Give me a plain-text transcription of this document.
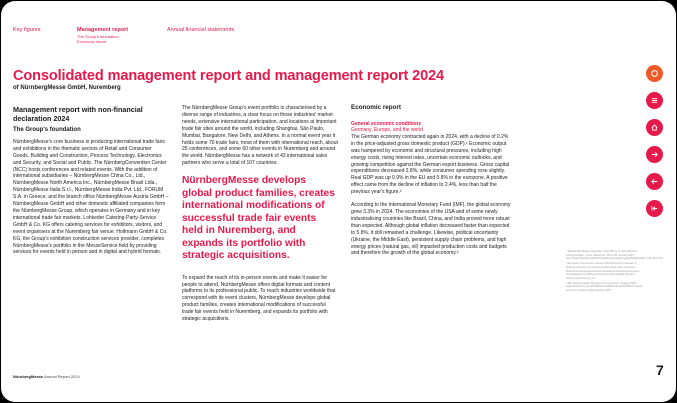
Key figures	Management report
The Group's foundation
Economic report
Annual financial statements
Consolidated management report and management report 2024
of NürnbergMesse GmbH, Nuremberg
Management report with non-financial declaration 2024
The Group's foundation

NürnbergMesse's core business is producing international trade fairs and exhibitions in the thematic sectors of Retail and Consumer Goods, Building and Construction, Process Technology, Electronics and Security, and Social and Public. The NürnbergConvention Center (NCC) hosts conferences and related events. With the addition of international subsidiaries – NürnbergMesse China Co., Ltd., NürnbergMesse North America Inc., NürnbergMesse Brasil Ltda., NürnbergMesse Italia S.r.l., NürnbergMesse India Pvt. Ltd., FORUM S.A. in Greece, and the branch office NürnbergMesse Austria GmbH – NürnbergMesse GmbH and other domestic affiliated companies form the NürnbergMesse Group, which operates in Germany and in key international trade fair markets. Lohkeder Catering-Party-Service GmbH & Co. KG offers catering services for exhibitors, visitors, and event organisers at the Nuremberg fair venue. Holtmann GmbH & Co. KG, the Group's exhibition construction services provider, completes NürnbergMesse's portfolio in the MesseService field by providing services for events held in person and in digital and hybrid formats.

The NürnbergMesse Group's event portfolio is characterised by a diverse range of industries, a clear focus on those industries' market needs, extensive international participation, and locations at important trade fair sites around the world, including Shanghai, São Paulo, Mumbai, Bangalore, New Delhi, and Athens. In a normal event year it holds some 70 trade fairs, most of them with international reach, about 25 conferences, and some 60 other events in Nuremberg and around the world. NürnbergMesse has a network of 43 international sales partners who serve a total of 107 countries.

NürnbergMesse develops global product families, creates international modifications of successful trade fair events held in Nuremberg, and expands its portfolio with strategic acquisitions.

To expand the reach of its in-person events and make it easier for people to attend, NürnbergMesse offers digital formats and content platforms to its professional public. To reach industries worldwide that correspond with its event clusters, NürnbergMesse develops global product families, creates international modifications of successful trade fair events held in Nuremberg, and expands its portfolio with strategic acquisitions.

Economic report
General economic conditions
Germany, Europe, and the world

The German economy contracted again in 2024, with a decline of 0.2% in the price-adjusted gross domestic product (GDP).¹ Economic output was hampered by economic and structural pressures, including high energy costs, rising interest rates, uncertain economic outlooks, and growing competition against the German export business. Gross capital expenditures decreased 2.8%, while consumer spending rose slightly. Real GDP was up 0.9% in the EU and 0.8% in the eurozone. A positive effect came from the decline of inflation to 2.4%, less than half the previous year's figure.²

According to the International Monetary Fund (IMF), the global economy grew 3.3% in 2024. The economies of the USA and of some newly industrialising countries like Brazil, China, and India proved more robust than expected. Although global inflation decreased faster than expected to 5.8%, it still remained a challenge. Likewise, political uncertainty (Ukraine, the Middle East), persistent supply chain problems, and high energy prices (natural gas, oil) impacted production costs and budgets and therefore the growth of the global economy.³	¹ Statistic Bundesamt (Destatis): 'Das BIP ist im Jahr 2024 um 0,2% gesunken', press release no. 019 of 15 January 2025, https://www.destatis.de/DE/Presse/Pressemitteilungen/2025/01/PD25_019_811.html

² European Commission: Autumn 2024 Economic Forecast: A gradual rebound in an adverse environment, https://economy-finance.ec.europa.eu/economic-forecast-and-surveys/economic-forecasts/autumn-2024-economic-forecast-gradual-rebound-adverse-environment_en

³ IMF Global Growth: Divergent and Uncertain, January 2025, https://www.imf.org/en/Publications/WEO/Issues/2025/01/17/world-economic-outlook-update-january-2025

NürnbergMesse Annual Report 2024	7
